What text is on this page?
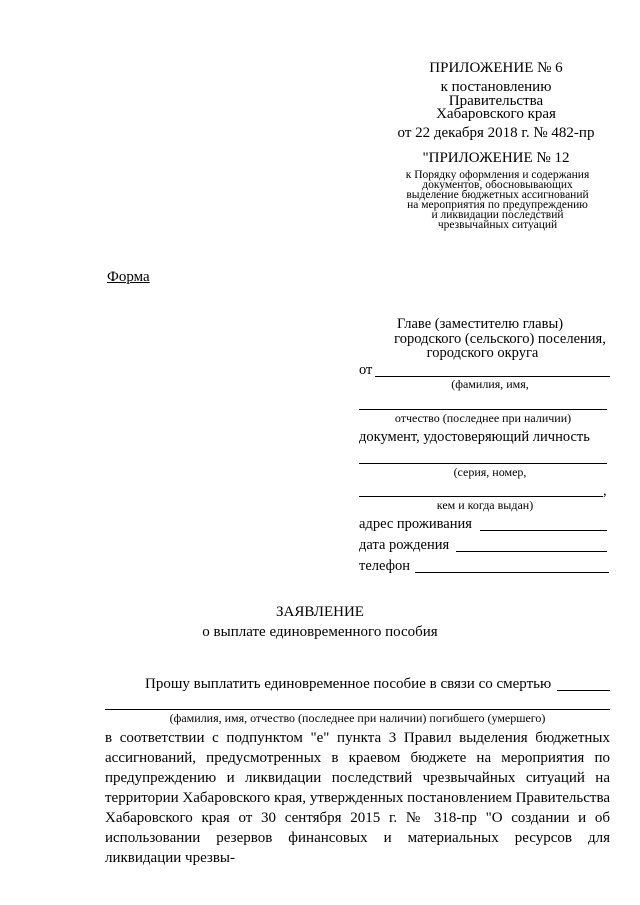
ПРИЛОЖЕНИЕ № 6
к постановлению
Правительства
Хабаровского края
от 22 декабря 2018 г. № 482-пр
"ПРИЛОЖЕНИЕ № 12
к Порядку оформления и содержания
документов, обосновывающих
выделение бюджетных ассигнований
на мероприятия по предупреждению
и ликвидации последствий
чрезвычайных ситуаций
Форма
Главе (заместителю главы)
городского (сельского) поселения,
городского округа
от
(фамилия, имя,
отчество (последнее при наличии)
документ, удостоверяющий личность
(серия, номер,
,
кем и когда выдан)
адрес проживания
дата рождения
телефон
ЗАЯВЛЕНИЕ
о выплате единовременного пособия
Прошу выплатить единовременное пособие в связи со смертью
(фамилия, имя, отчество (последнее при наличии) погибшего (умершего)

в соответствии с подпунктом "е" пункта 3 Правил выделения бюджетных ассигнований, предусмотренных в краевом бюджете на мероприятия по предупреждению и ликвидации последствий чрезвычайных ситуаций на территории Хабаровского края, утвержденных постановлением Правительства Хабаровского края от 30 сентября 2015 г. № 318-пр "О создании и об использовании резервов финансовых и материальных ресурсов для ликвидации чрезвы-
